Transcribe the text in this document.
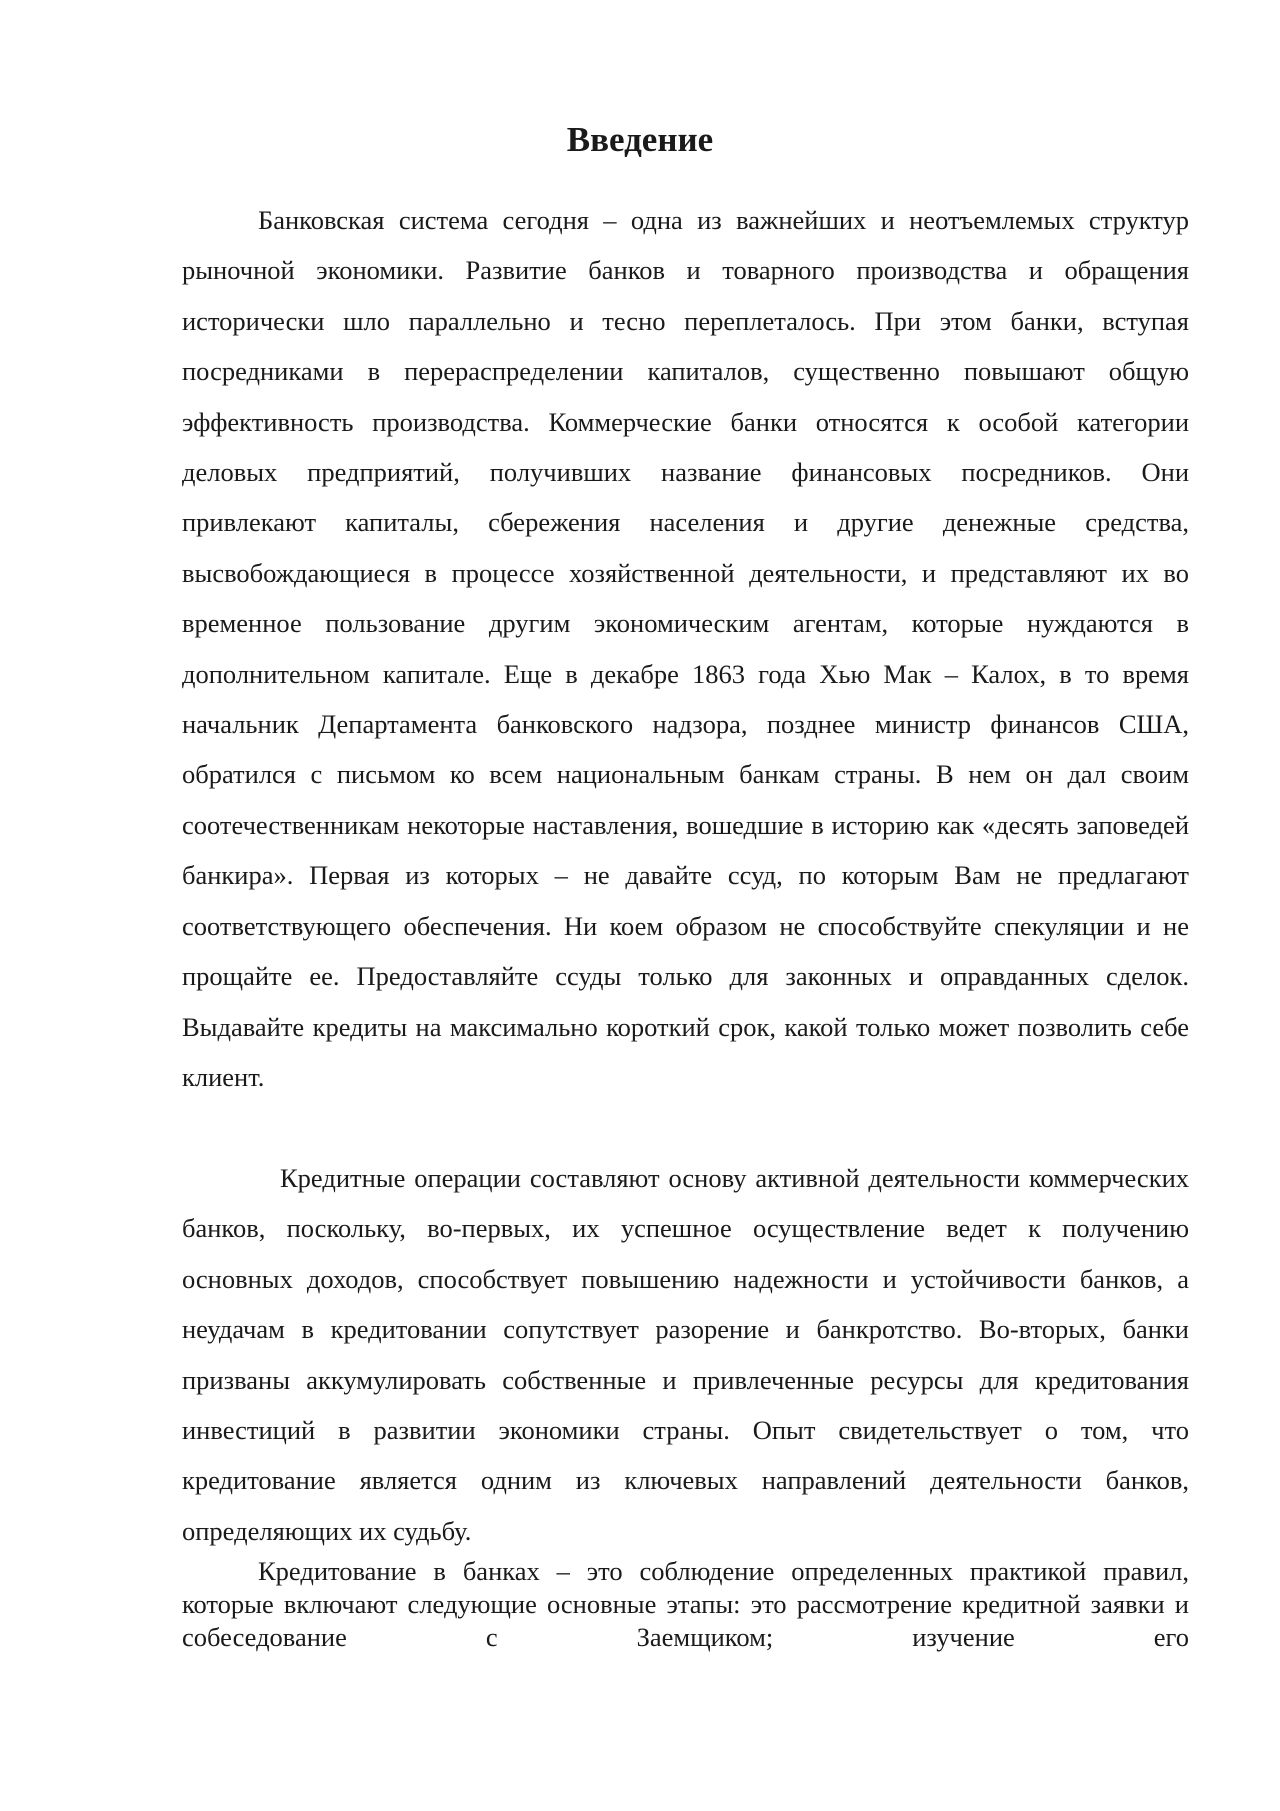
Введение

Банковская система сегодня – одна из важнейших и неотъемлемых структур рыночной экономики. Развитие банков и товарного производства и обращения исторически шло параллельно и тесно переплеталось. При этом банки, вступая посредниками в перераспределении капиталов, существенно повышают общую эффективность производства. Коммерческие банки относятся к особой категории деловых предприятий, получивших название финансовых посредников. Они привлекают капиталы, сбережения населения и другие денежные средства, высвобождающиеся в процессе хозяйственной деятельности, и представляют их во временное пользование другим экономическим агентам, которые нуждаются в дополнительном капитале. Еще в декабре 1863 года Хью Мак – Калох, в то время начальник Департамента банковского надзора, позднее министр финансов США, обратился с письмом ко всем национальным банкам страны. В нем он дал своим соотечественникам некоторые наставления, вошедшие в историю как «десять заповедей банкира». Первая из которых – не давайте ссуд, по которым Вам не предлагают соответствующего обеспечения. Ни коем образом не способствуйте спекуляции и не прощайте ее. Предоставляйте ссуды только для законных и оправданных сделок. Выдавайте кредиты на максимально короткий срок, какой только может позволить себе клиент.

Кредитные операции составляют основу активной деятельности коммерческих банков, поскольку, во-первых, их успешное осуществление ведет к получению основных доходов, способствует повышению надежности и устойчивости банков, а неудачам в кредитовании сопутствует разорение и банкротство. Во-вторых, банки призваны аккумулировать собственные и привлеченные ресурсы для кредитования инвестиций в развитии экономики страны. Опыт свидетельствует о том, что кредитование является одним из ключевых направлений деятельности банков, определяющих их судьбу.

Кредитование в банках – это соблюдение определенных практикой правил, которые включают следующие основные этапы: это рассмотрение кредитной заявки и собеседование с Заемщиком; изучение его
